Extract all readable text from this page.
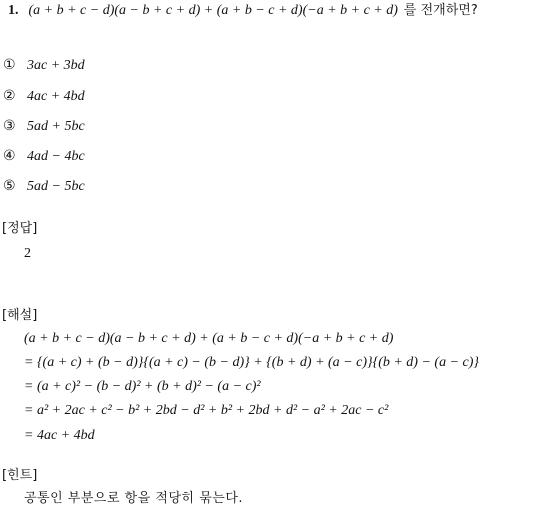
1. (a + b + c − d)(a − b + c + d) + (a + b − c + d)(−a + b + c + d) 를 전개하면?
① 3ac + 3bd
② 4ac + 4bd
③ 5ad + 5bc
④ 4ad − 4bc
⑤ 5ad − 5bc
[정답]
2
[해설]
(a + b + c − d)(a − b + c + d) + (a + b − c + d)(−a + b + c + d)
= {(a + c) + (b − d)}{(a + c) − (b − d)} + {(b + d) + (a − c)}{(b + d) − (a − c)}
= (a + c)² − (b − d)² + (b + d)² − (a − c)²
= a² + 2ac + c² − b² + 2bd − d² + b² + 2bd + d² − a² + 2ac − c²
= 4ac + 4bd
[힌트]
공통인 부분으로 항을 적당히 묶는다.
